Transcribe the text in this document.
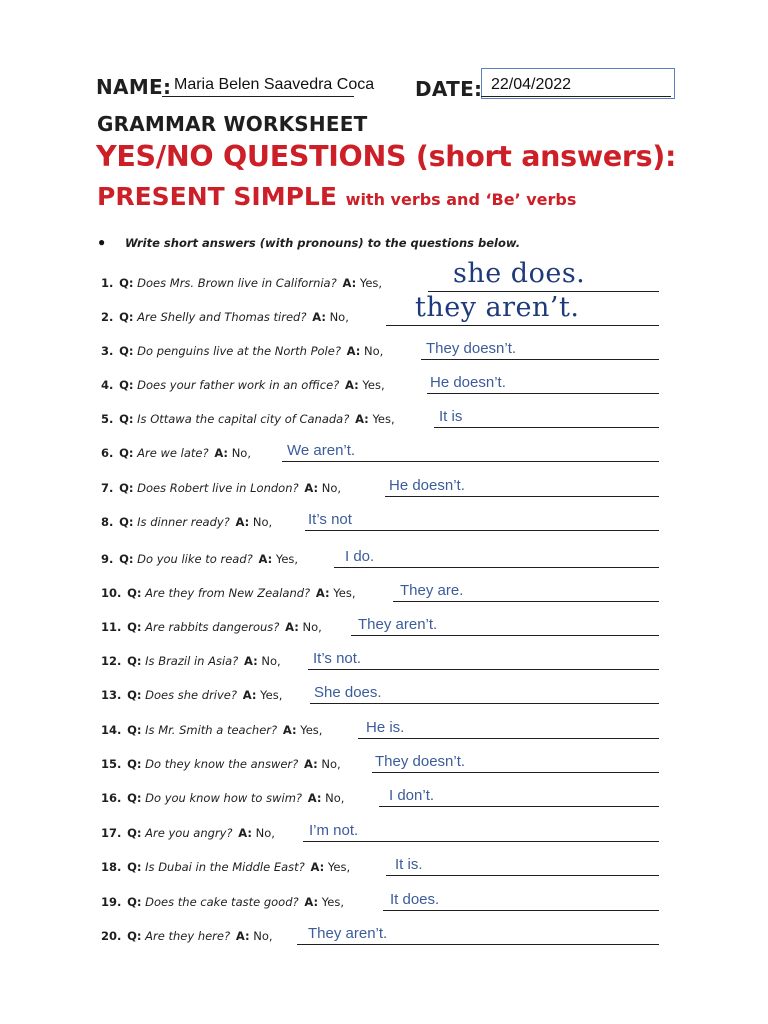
NAME: Maria Belen Saavedra Coca DATE: 22/04/2022
GRAMMAR WORKSHEET
YES/NO QUESTIONS (short answers):
PRESENT SIMPLE with verbs and ‘Be’ verbs
● Write short answers (with pronouns) to the questions below.
1.  Q: Does Mrs. Brown live in California?  A: Yes,	she does.
2.  Q: Are Shelly and Thomas tired?  A: No, they aren’t.
3.  Q: Do penguins live at the North Pole?  A: No,	They doesn’t.
4.  Q: Does your father work in an office?  A: Yes,	He doesn’t.
5.  Q: Is Ottawa the capital city of Canada?  A: Yes,	It is
6.  Q: Are we late?  A: No, We aren’t.
7.  Q: Does Robert live in London?  A: No,	He doesn’t.
8.  Q: Is dinner ready?  A: No, It’s not
9.  Q: Do you like to read?  A: Yes,	I do.
10.  Q: Are they from New Zealand?  A: Yes,	They are.
11.  Q: Are rabbits dangerous?  A: No, They aren’t.
12.  Q: Is Brazil in Asia?  A: No, It’s not.
13.  Q: Does she drive?  A: Yes, She does.
14.  Q: Is Mr. Smith a teacher?  A: Yes,	He is.
15.  Q: Do they know the answer?  A: No, They doesn’t.
16.  Q: Do you know how to swim?  A: No,	I don’t.
17.  Q: Are you angry?  A: No, I’m not.
18.  Q: Is Dubai in the Middle East?  A: Yes,	It is.
19.  Q: Does the cake taste good?  A: Yes,	It does.
20.  Q: Are they here?  A: No, They aren’t.
